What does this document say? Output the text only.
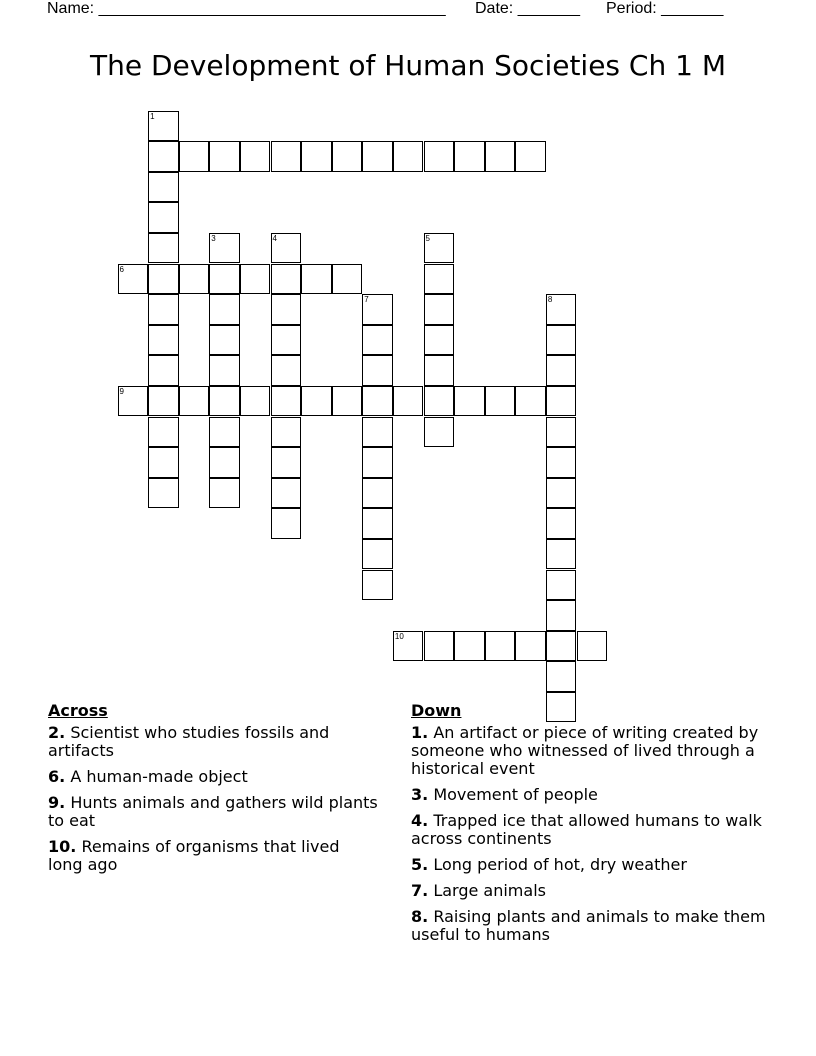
Name: _______________________________________ Date: _______ Period: _______
The Development of Human Societies Ch 1 M
1
6
9
3	4
7
5
8
10
Across
2. Scientist who studies fossils and artifacts
6. A human-made object
9. Hunts animals and gathers wild plants to eat
10. Remains of organisms that lived long ago
Down
1. An artifact or piece of writing created by someone who witnessed of lived through a historical event
3. Movement of people
4. Trapped ice that allowed humans to walk across continents
5. Long period of hot, dry weather
7. Large animals
8. Raising plants and animals to make them useful to humans
